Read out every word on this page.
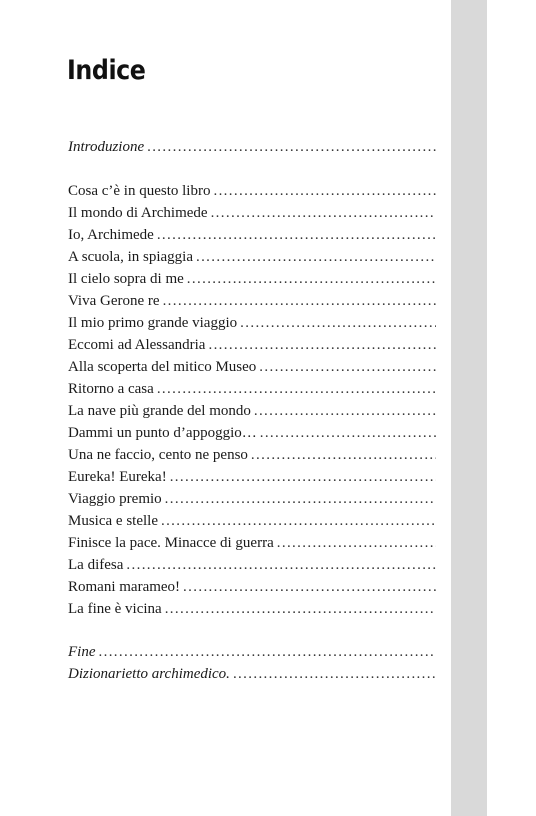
Indice
Introduzione
. . .
Cosa c’è in questo libro
. . .
Il mondo di Archimede
. . .
Io, Archimede
. . .
A scuola, in spiaggia
. . .
Il cielo sopra di me
. . .
Viva Gerone re
. . .
Il mio primo grande viaggio
. . .
Eccomi ad Alessandria
. . .
Alla scoperta del mitico Museo
. . .
Ritorno a casa
. . .
La nave più grande del mondo
. . .
Dammi un punto d’appoggio…
. . .
Una ne faccio, cento ne penso
. . .
Eureka! Eureka!
. . .
Viaggio premio
. . .
Musica e stelle
. . .
Finisce la pace. Minacce di guerra
. . .
La difesa
. . .
Romani marameo!
. . .
La fine è vicina
. . .
Fine
. . .
Dizionarietto archimedico.
. . .
